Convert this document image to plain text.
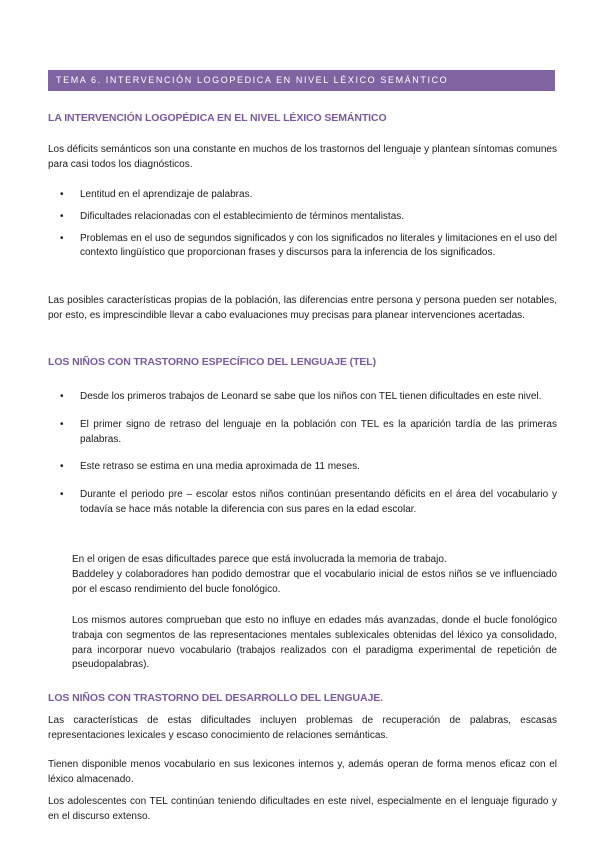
TEMA 6. INTERVENCIÓN LOGOPEDICA EN NIVEL LÉXICO SEMÁNTICO
LA INTERVENCIÓN LOGOPÉDICA EN EL NIVEL LÉXICO SEMÁNTICO

Los déficits semánticos son una constante en muchos de los trastornos del lenguaje y plantean síntomas comunes para casi todos los diagnósticos.

• Lentitud en el aprendizaje de palabras.
• Dificultades relacionadas con el establecimiento de términos mentalistas.
• Problemas en el uso de segundos significados y con los significados no literales y limitaciones en el uso del contexto lingüístico que proporcionan frases y discursos para la inferencia de los significados.

Las posibles características propias de la población, las diferencias entre persona y persona pueden ser notables, por esto, es imprescindible llevar a cabo evaluaciones muy precisas para planear intervenciones acertadas.

LOS NIÑOS CON TRASTORNO ESPECÍFICO DEL LENGUAJE (TEL)
• Desde los primeros trabajos de Leonard se sabe que los niños con TEL tienen dificultades en este nivel.
• El primer signo de retraso del lenguaje en la población con TEL es la aparición tardía de las primeras palabras.
• Este retraso se estima en una media aproximada de 11 meses.
• Durante el periodo pre – escolar estos niños continúan presentando déficits en el área del vocabulario y todavía se hace más notable la diferencia con sus pares en la edad escolar.

En el origen de esas dificultades parece que está involucrada la memoria de trabajo.

Baddeley y colaboradores han podido demostrar que el vocabulario inicial de estos niños se ve influenciado por el escaso rendimiento del bucle fonológico.

Los mismos autores comprueban que esto no influye en edades más avanzadas, donde el bucle fonológico trabaja con segmentos de las representaciones mentales sublexicales obtenidas del léxico ya consolidado, para incorporar nuevo vocabulario (trabajos realizados con el paradigma experimental de repetición de pseudopalabras).

LOS NIÑOS CON TRASTORNO DEL DESARROLLO DEL LENGUAJE.

Las características de estas dificultades incluyen problemas de recuperación de palabras, escasas representaciones lexicales y escaso conocimiento de relaciones semánticas.

Tienen disponible menos vocabulario en sus lexicones internos y, además operan de forma menos eficaz con el léxico almacenado.

Los adolescentes con TEL continúan teniendo dificultades en este nivel, especialmente en el lenguaje figurado y en el discurso extenso.
